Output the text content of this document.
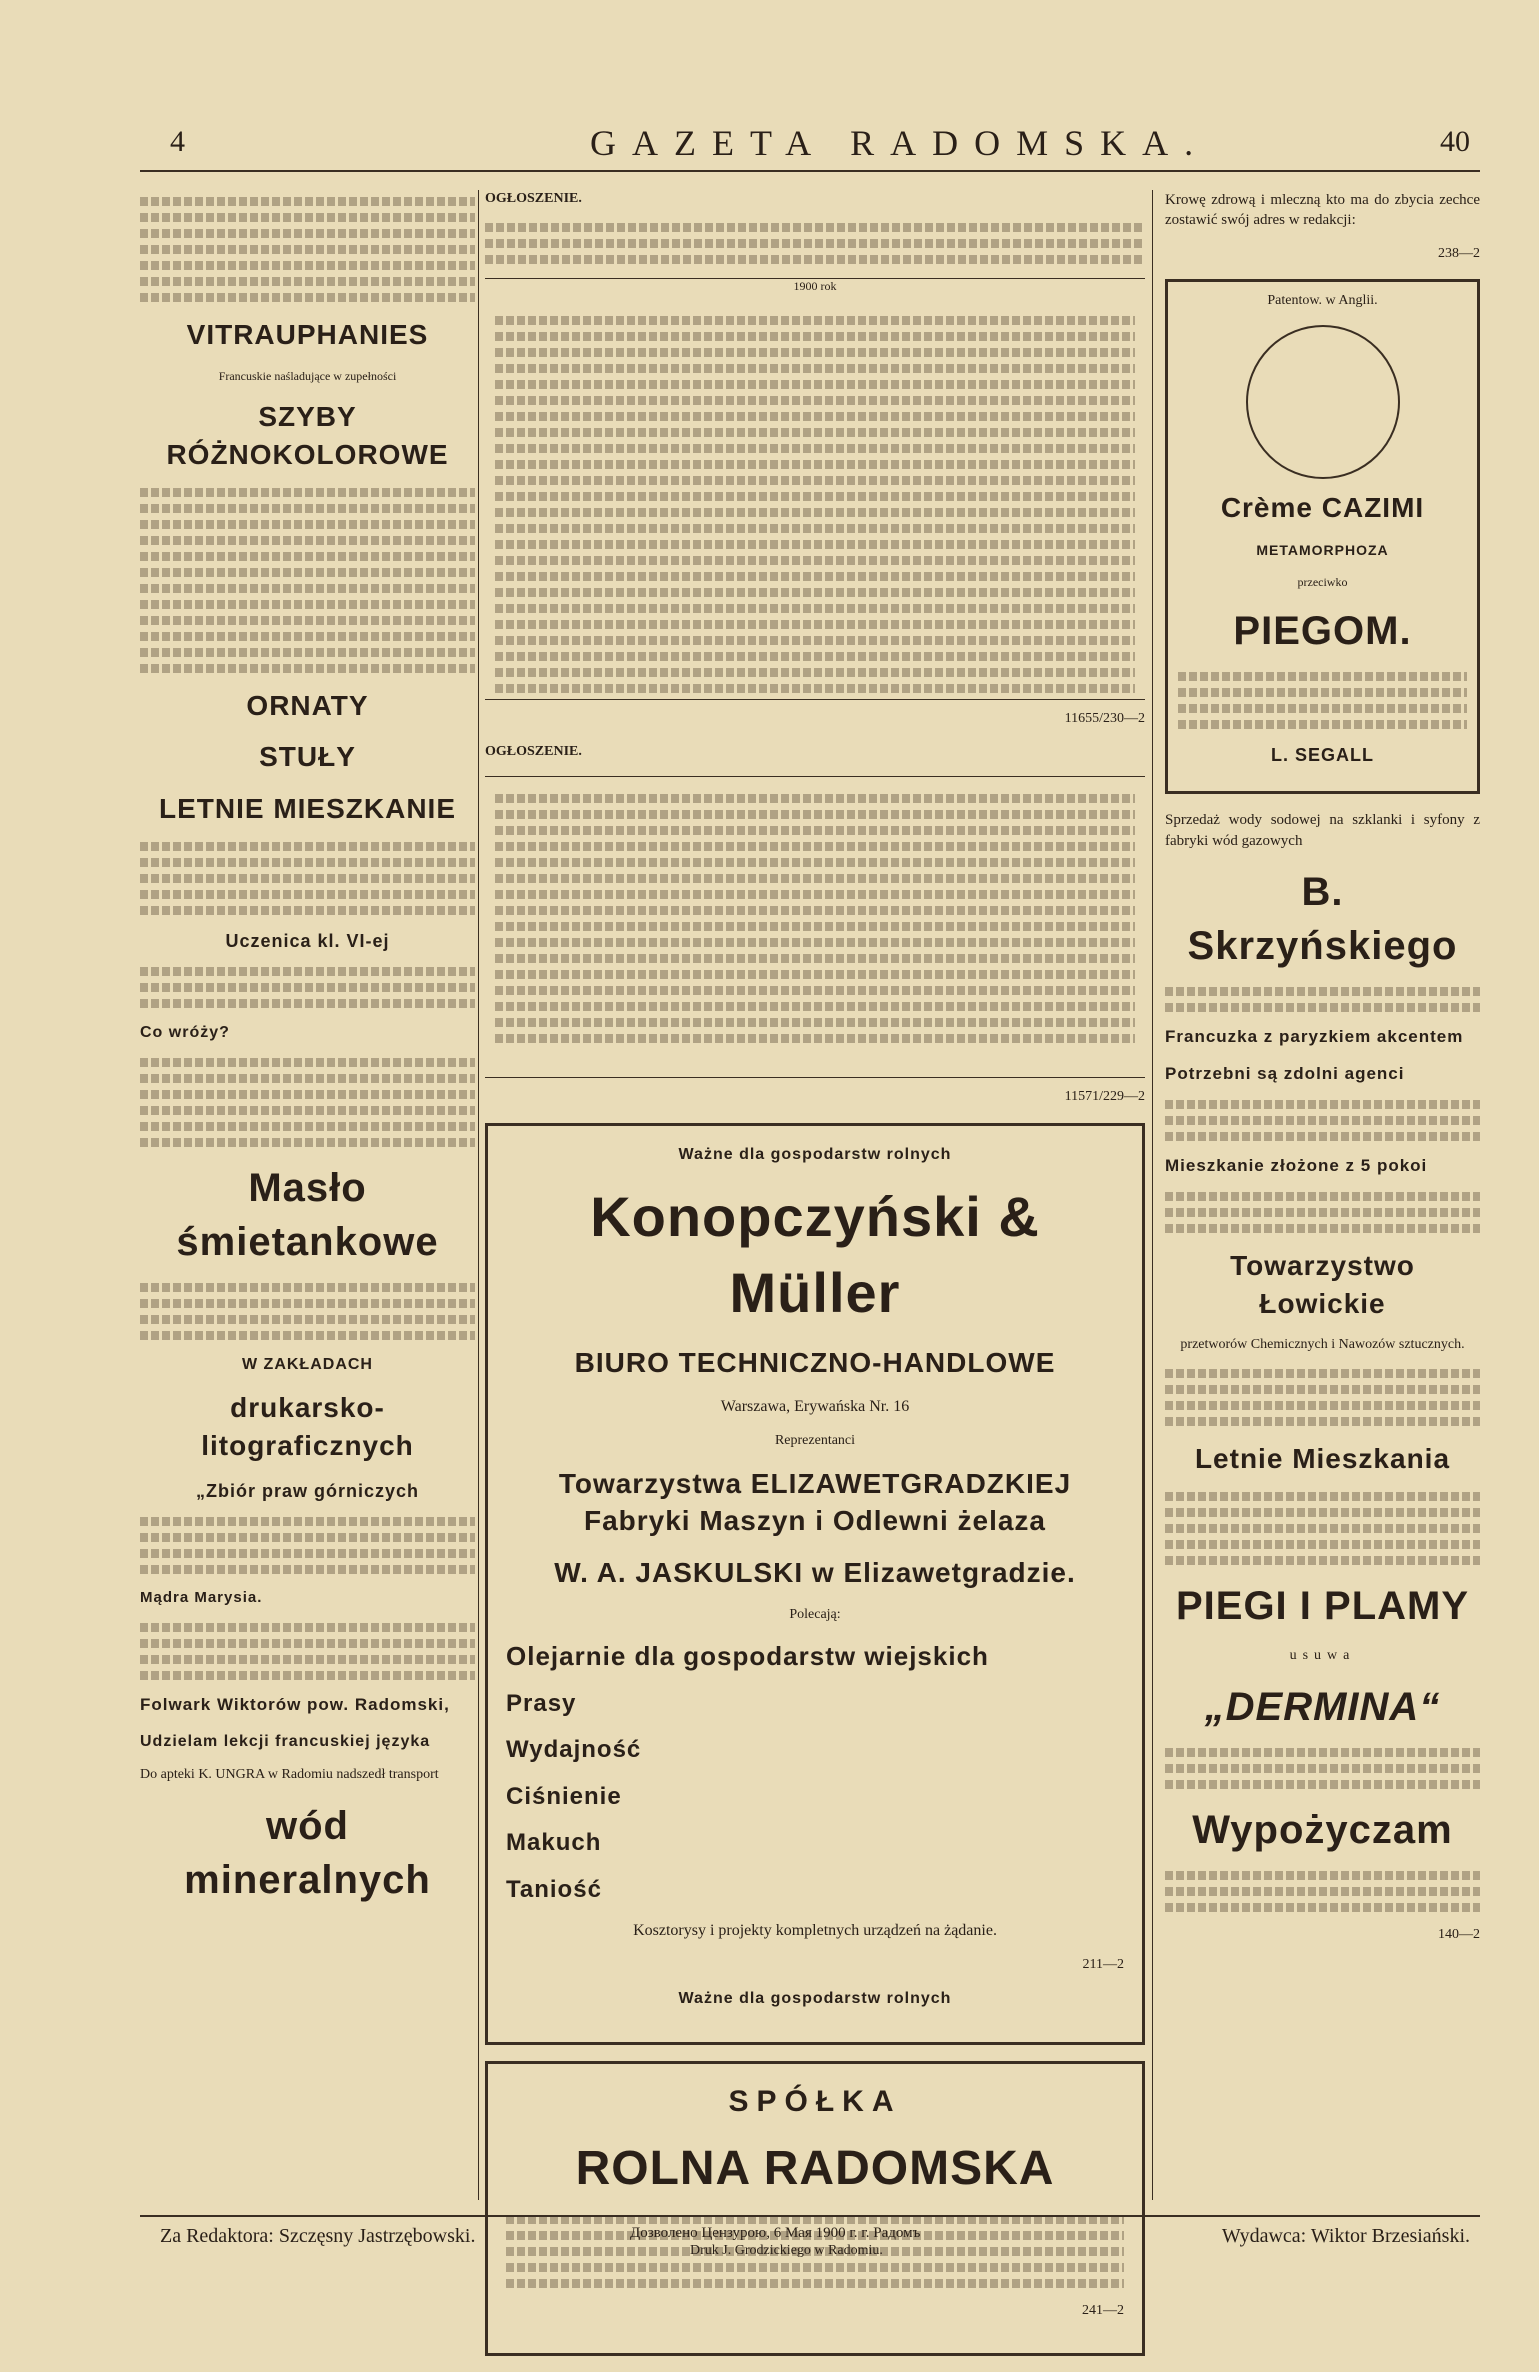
4	GAZETA RADOMSKA.	40
VITRAUPHANIES
Francuskie naśladujące w zupełności
SZYBY RÓŻNOKOLOROWE
ORNATY
STUŁY
LETNIE MIESZKANIE
Uczenica kl. VI-ej
Co wróży?
Masło śmietankowe
W ZAKŁADACH
drukarsko-litograficznych
„Zbiór praw górniczych
Mądra Marysia.
Folwark Wiktorów pow. Radomski,
Udzielam lekcji francuskiej języka
Do apteki K. UNGRA w Radomiu nadszedł transport
wód mineralnych
OGŁOSZENIE.
1900 rok
11655/230—2
OGŁOSZENIE.
11571/229—2
Ważne dla gospodarstw rolnych
Konopczyński & Müller
BIURO TECHNICZNO-HANDLOWE
Warszawa, Erywańska Nr. 16
Reprezentanci
Towarzystwa ELIZAWETGRADZKIEJ Fabryki Maszyn i Odlewni żelaza
W. A. JASKULSKI w Elizawetgradzie.
Polecają:
Olejarnie dla gospodarstw wiejskich
Prasy
Wydajność
Ciśnienie
Makuch
Taniość
Kosztorysy i projekty kompletnych urządzeń na żądanie.
211—2
Ważne dla gospodarstw rolnych
SPÓŁKA
ROLNA RADOMSKA
241—2
Krowę zdrową i mleczną kto ma do zbycia zechce zostawić swój adres w redakcji:
238—2
Patentow. w Anglii.
Crème CAZIMI
METAMORPHOZA
przeciwko
PIEGOM.
L. SEGALL
Sprzedaż wody sodowej na szklanki i syfony z fabryki wód gazowych
B. Skrzyńskiego
Francuzka z paryzkiem akcentem
Potrzebni są zdolni agenci
Mieszkanie złożone z 5 pokoi
Towarzystwo Łowickie
przetworów Chemicznych i Nawozów sztucznych.
Letnie Mieszkania
PIEGI I PLAMY
usuwa
„DERMINA“
Wypożyczam
140—2
Za Redaktora: Szczęsny Jastrzębowski.	Дозволено Цензурою, 6 Мая 1900 г. г. Радомъ
Druk J. Grodzickiego w Radomiu.
Wydawca: Wiktor Brzesiański.
